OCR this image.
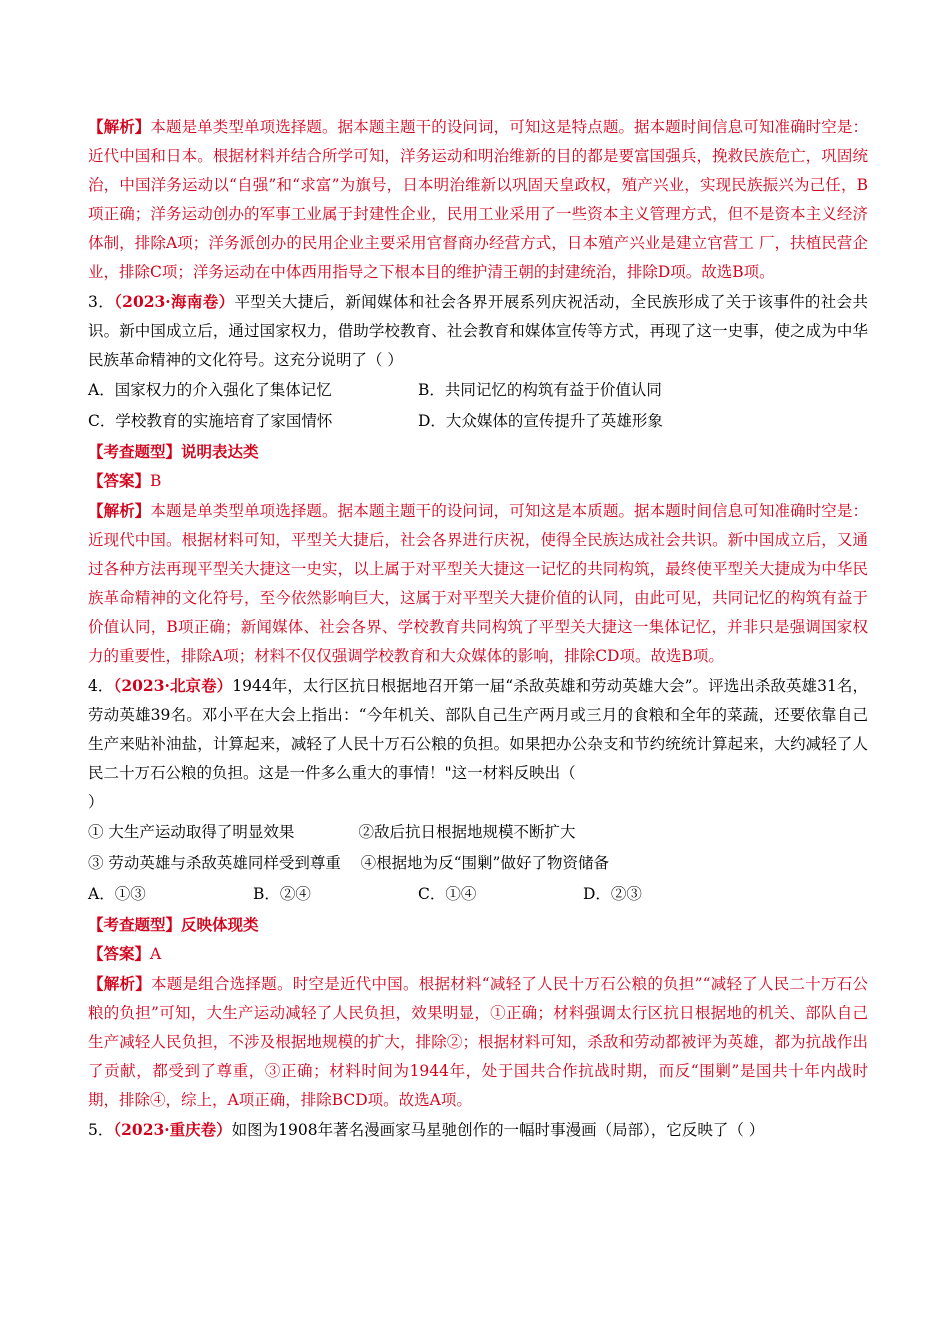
【解析】本题是单类型单项选择题。据本题主题干的设问词，可知这是特点题。据本题时间信息可知准确时空是：近代中国和日本。根据材料并结合所学可知，洋务运动和明治维新的目的都是要富国强兵，挽救民族危亡，巩固统治，中国洋务运动以“自强”和“求富”为旗号，日本明治维新以巩固天皇政权，殖产兴业，实现民族振兴为己任，B项正确；洋务运动创办的军事工业属于封建性企业，民用工业采用了一些资本主义管理方式，但不是资本主义经济体制，排除A项；洋务派创办的民用企业主要采用官督商办经营方式，日本殖产兴业是建立官营工 厂，扶植民营企业，排除C项；洋务运动在中体西用指导之下根本目的维护清王朝的封建统治，排除D项。故选B项。

3．（2023·海南卷）平型关大捷后，新闻媒体和社会各界开展系列庆祝活动，全民族形成了关于该事件的社会共识。新中国成立后，通过国家权力，借助学校教育、社会教育和媒体宣传等方式，再现了这一史事，使之成为中华民族革命精神的文化符号。这充分说明了（ ）

A．国家权力的介入强化了集体记忆	B．共同记忆的构筑有益于价值认同
C．学校教育的实施培育了家国情怀	D．大众媒体的宣传提升了英雄形象

【考查题型】说明表达类

【答案】B

【解析】本题是单类型单项选择题。据本题主题干的设问词，可知这是本质题。据本题时间信息可知准确时空是：近现代中国。根据材料可知，平型关大捷后，社会各界进行庆祝，使得全民族达成社会共识。新中国成立后，又通过各种方法再现平型关大捷这一史实，以上属于对平型关大捷这一记忆的共同构筑，最终使平型关大捷成为中华民族革命精神的文化符号，至今依然影响巨大，这属于对平型关大捷价值的认同，由此可见，共同记忆的构筑有益于价值认同，B项正确；新闻媒体、社会各界、学校教育共同构筑了平型关大捷这一集体记忆，并非只是强调国家权力的重要性，排除A项；材料不仅仅强调学校教育和大众媒体的影响，排除CD项。故选B项。

4．（2023·北京卷）1944年，太行区抗日根据地召开第一届“杀敌英雄和劳动英雄大会”。评选出杀敌英雄31名，劳动英雄39名。邓小平在大会上指出：“今年机关、部队自己生产两月或三月的食粮和全年的菜蔬，还要依靠自己生产来贴补油盐，计算起来，减轻了人民十万石公粮的负担。如果把办公杂支和节约统统计算起来，大约减轻了人民二十万石公粮的负担。这是一件多么重大的事情！"这一材料反映出（

）

① 大生产运动取得了明显效果             ②敌后抗日根据地规模不断扩大

③ 劳动英雄与杀敌英雄同样受到尊重    ④根据地为反“围剿”做好了物资储备

A．①③	B．②④	C．①④	D．②③

【考查题型】反映体现类

【答案】A

【解析】本题是组合选择题。时空是近代中国。根据材料“减轻了人民十万石公粮的负担”“减轻了人民二十万石公粮的负担”可知，大生产运动减轻了人民负担，效果明显，①正确；材料强调太行区抗日根据地的机关、部队自己生产减轻人民负担，不涉及根据地规模的扩大，排除②；根据材料可知，杀敌和劳动都被评为英雄，都为抗战作出了贡献，都受到了尊重，③正确；材料时间为1944年，处于国共合作抗战时期，而反“围剿”是国共十年内战时期，排除④，综上，A项正确，排除BCD项。故选A项。

5．（2023·重庆卷）如图为1908年著名漫画家马星驰创作的一幅时事漫画（局部），它反映了（ ）
